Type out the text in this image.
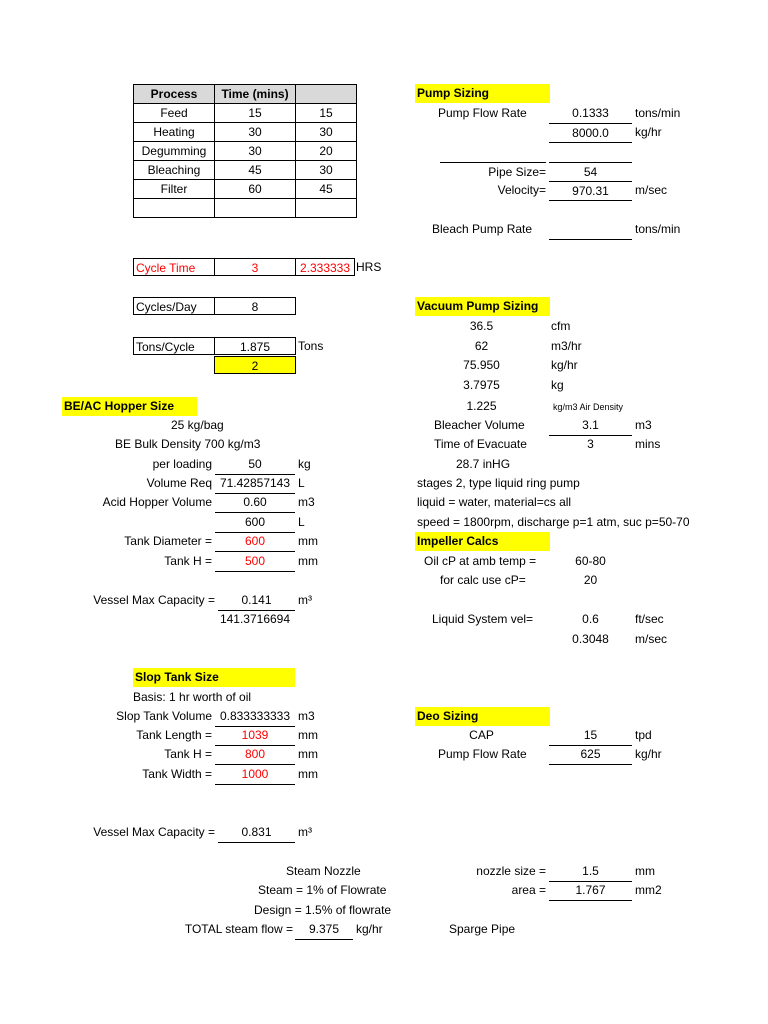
Process	Time (mins)	
Feed	15	15
Heating	30	30
Degumming	30	20
Bleaching	45	30
Filter	60	45

Cycle Time	3	2.333333 HRS
Cycles/Day	8
Tons/Cycle	1.875	Tons
2
BE/AC Hopper Size
25 kg/bag
BE Bulk Density 700 kg/m3
per loading	50	kg
Volume Req 71.42857143 L
Acid Hopper Volume	0.60	m3
600	L
Tank Diameter =	600	mm
Tank H =	500	mm
Vessel Max Capacity =	0.141	m³
141.3716694
Slop Tank Size
Basis: 1 hr worth of oil
Slop Tank Volume 0.833333333 m3
Tank Length =	1039	mm
Tank H =	800	mm
Tank Width =	1000	mm
Vessel Max Capacity =	0.831	m³
Steam Nozzle
Steam = 1% of Flowrate
Design = 1.5% of flowrate
TOTAL steam flow =	9.375	kg/hr
nozzle size =	1.5	mm
area =	1.767	mm2
Sparge Pipe
Pump Sizing
Pump Flow Rate	0.1333	tons/min
8000.0	kg/hr
Pipe Size=	54
Velocity=	970.31	m/sec
Bleach Pump Rate	tons/min
Vacuum Pump Sizing
36.5	cfm
62	m3/hr
75.950	kg/hr
3.7975	kg
1.225	kg/m3 Air Density
Bleacher Volume	3.1	m3
Time of Evacuate	3	mins
28.7 inHG
stages 2, type liquid ring pump
liquid = water, material=cs all
speed = 1800rpm, discharge p=1 atm, suc p=50-70
Impeller Calcs
Oil cP at amb temp =	60-80
for calc use cP=	20
Liquid System vel=	0.6	ft/sec
0.3048	m/sec
Deo Sizing
CAP	15	tpd
Pump Flow Rate	625	kg/hr
